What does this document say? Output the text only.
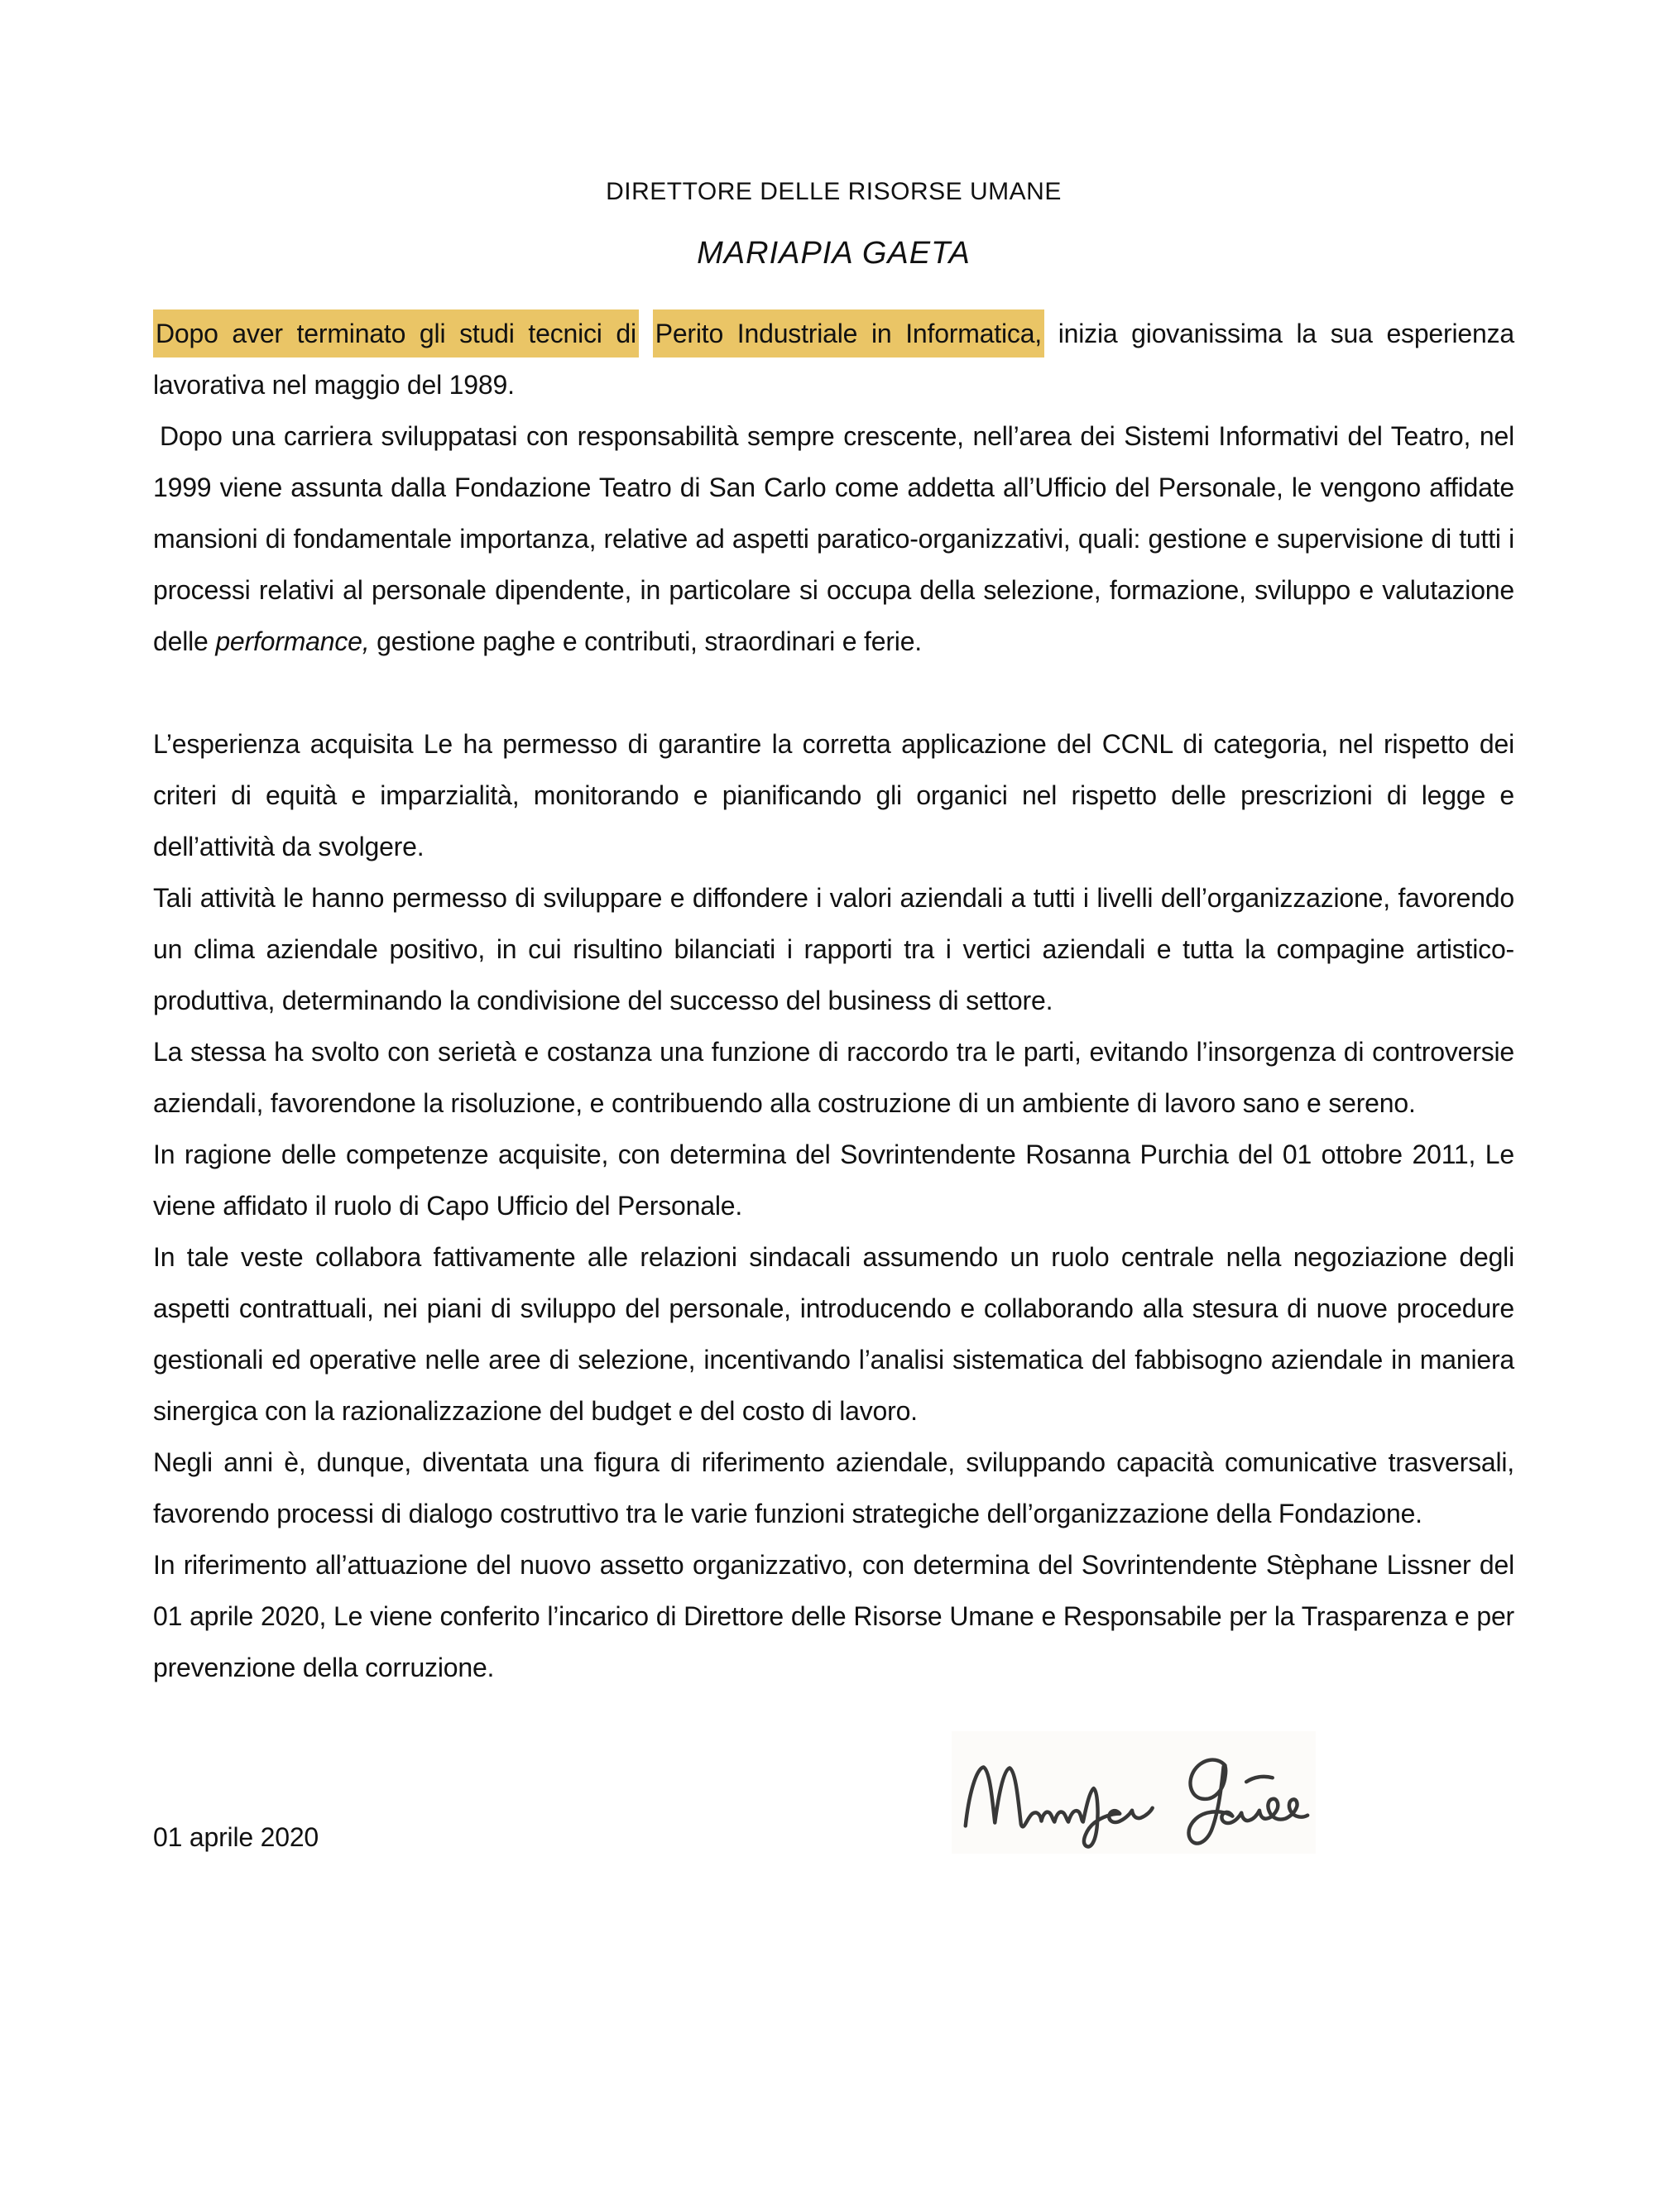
DIRETTORE DELLE RISORSE UMANE
MARIAPIA GAETA

Dopo aver terminato gli studi tecnici di Perito Industriale in Informatica, inizia giovanissima la sua esperienza lavorativa nel maggio del 1989.

Dopo una carriera sviluppatasi con responsabilità sempre crescente, nell’area dei Sistemi Informativi del Teatro, nel 1999 viene assunta dalla Fondazione Teatro di San Carlo come addetta all’Ufficio del Personale, le vengono affidate mansioni di fondamentale importanza, relative ad aspetti paratico-organizzativi, quali: gestione e supervisione di tutti i processi relativi al personale dipendente, in particolare si occupa della selezione, formazione, sviluppo e valutazione delle performance, gestione paghe e contributi, straordinari e ferie.

L’esperienza acquisita Le ha permesso di garantire la corretta applicazione del CCNL di categoria, nel rispetto dei criteri di equità e imparzialità, monitorando e pianificando gli organici nel rispetto delle prescrizioni di legge e dell’attività da svolgere.

Tali attività le hanno permesso di sviluppare e diffondere i valori aziendali a tutti i livelli dell’organizzazione, favorendo un clima aziendale positivo, in cui risultino bilanciati i rapporti tra i vertici aziendali e tutta la compagine artistico-produttiva, determinando la condivisione del successo del business di settore.

La stessa ha svolto con serietà e costanza una funzione di raccordo tra le parti, evitando l’insorgenza di controversie aziendali, favorendone la risoluzione, e contribuendo alla costruzione di un ambiente di lavoro sano e sereno.

In ragione delle competenze acquisite, con determina del Sovrintendente Rosanna Purchia del 01 ottobre 2011, Le viene affidato il ruolo di Capo Ufficio del Personale.

In tale veste collabora fattivamente alle relazioni sindacali assumendo un ruolo centrale nella negoziazione degli aspetti contrattuali, nei piani di sviluppo del personale, introducendo e collaborando alla stesura di nuove procedure gestionali ed operative nelle aree di selezione, incentivando l’analisi sistematica del fabbisogno aziendale in maniera sinergica con la razionalizzazione del budget e del costo di lavoro.

Negli anni è, dunque, diventata una figura di riferimento aziendale, sviluppando capacità comunicative trasversali, favorendo processi di dialogo costruttivo tra le varie funzioni strategiche dell’organizzazione della Fondazione.

In riferimento all’attuazione del nuovo assetto organizzativo, con determina del Sovrintendente Stèphane Lissner del 01 aprile 2020, Le viene conferito l’incarico di Direttore delle Risorse Umane e Responsabile per la Trasparenza e per prevenzione della corruzione.

01 aprile 2020
